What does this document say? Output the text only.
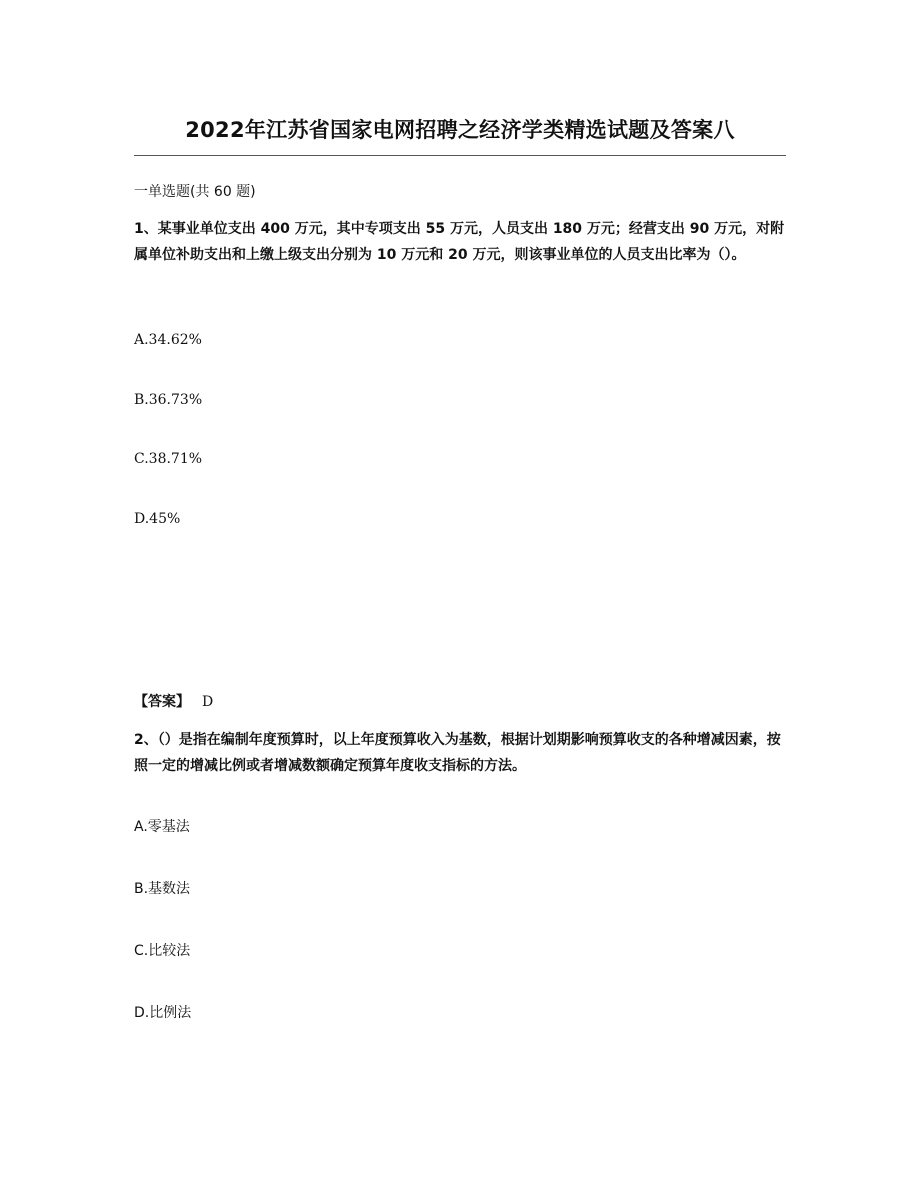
2022年江苏省国家电网招聘之经济学类精选试题及答案八
一单选题(共 60 题)
1、某事业单位支出 400 万元，其中专项支出 55 万元，人员支出 180 万元；经营支出 90 万元，对附属单位补助支出和上缴上级支出分别为 10 万元和 20 万元，则该事业单位的人员支出比率为（）。
A.34.62%
B.36.73%
C.38.71%
D.45%
【答案】 D
2、（）是指在编制年度预算时，以上年度预算收入为基数，根据计划期影响预算收支的各种增减因素，按照一定的增减比例或者增减数额确定预算年度收支指标的方法。
A.零基法
B.基数法
C.比较法
D.比例法
